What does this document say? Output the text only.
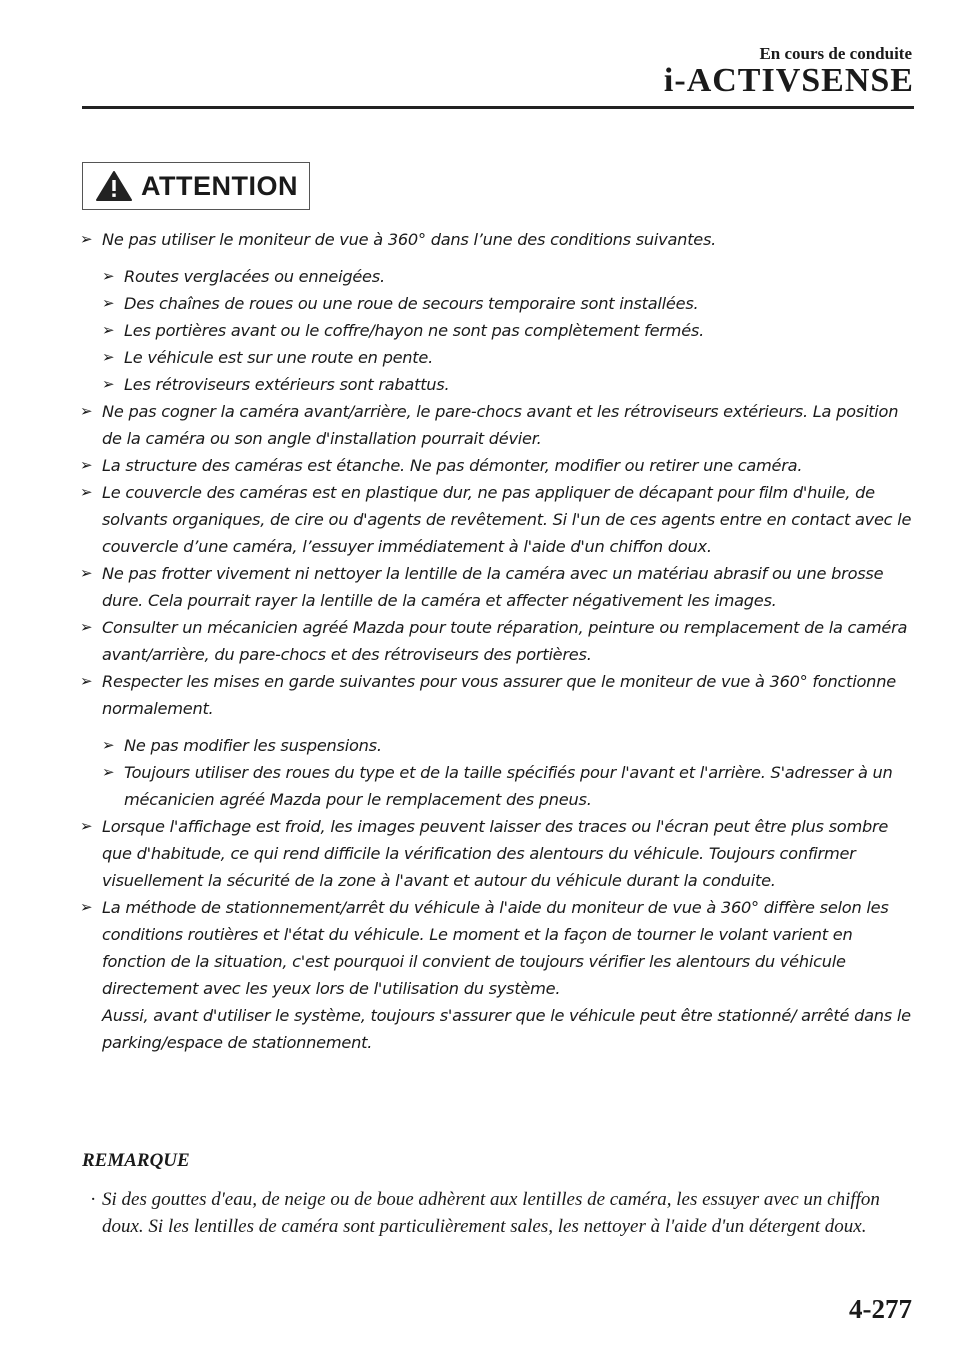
En cours de conduite
i-ACTIVSENSE
ATTENTION
➢ Ne pas utiliser le moniteur de vue à 360° dans l’une des conditions suivantes.
➢ Routes verglacées ou enneigées.
➢ Des chaînes de roues ou une roue de secours temporaire sont installées.
➢ Les portières avant ou le coffre/hayon ne sont pas complètement fermés.
➢ Le véhicule est sur une route en pente.
➢ Les rétroviseurs extérieurs sont rabattus.
➢ Ne pas cogner la caméra avant/arrière, le pare-chocs avant et les rétroviseurs extérieurs. La position de la caméra ou son angle d'installation pourrait dévier.
➢ La structure des caméras est étanche. Ne pas démonter, modifier ou retirer une caméra.
➢ Le couvercle des caméras est en plastique dur, ne pas appliquer de décapant pour film d'huile, de solvants organiques, de cire ou d'agents de revêtement. Si l'un de ces agents entre en contact avec le couvercle d’une caméra, l’essuyer immédiatement à l'aide d'un chiffon doux.
➢ Ne pas frotter vivement ni nettoyer la lentille de la caméra avec un matériau abrasif ou une brosse dure. Cela pourrait rayer la lentille de la caméra et affecter négativement les images.
➢ Consulter un mécanicien agréé Mazda pour toute réparation, peinture ou remplacement de la caméra avant/arrière, du pare-chocs et des rétroviseurs des portières.
➢ Respecter les mises en garde suivantes pour vous assurer que le moniteur de vue à 360° fonctionne normalement.
➢ Ne pas modifier les suspensions.
➢ Toujours utiliser des roues du type et de la taille spécifiés pour l'avant et l'arrière. S'adresser à un mécanicien agréé Mazda pour le remplacement des pneus.
➢ Lorsque l'affichage est froid, les images peuvent laisser des traces ou l'écran peut être plus sombre que d'habitude, ce qui rend difficile la vérification des alentours du véhicule. Toujours confirmer visuellement la sécurité de la zone à l'avant et autour du véhicule durant la conduite.
➢ La méthode de stationnement/arrêt du véhicule à l'aide du moniteur de vue à 360° diffère selon les conditions routières et l'état du véhicule. Le moment et la façon de tourner le volant varient en fonction de la situation, c'est pourquoi il convient de toujours vérifier les alentours du véhicule directement avec les yeux lors de l'utilisation du système.
Aussi, avant d'utiliser le système, toujours s'assurer que le véhicule peut être stationné/ arrêté dans le parking/espace de stationnement.
REMARQUE
· Si des gouttes d'eau, de neige ou de boue adhèrent aux lentilles de caméra, les essuyer avec un chiffon doux. Si les lentilles de caméra sont particulièrement sales, les nettoyer à l'aide d'un détergent doux.
4-277
